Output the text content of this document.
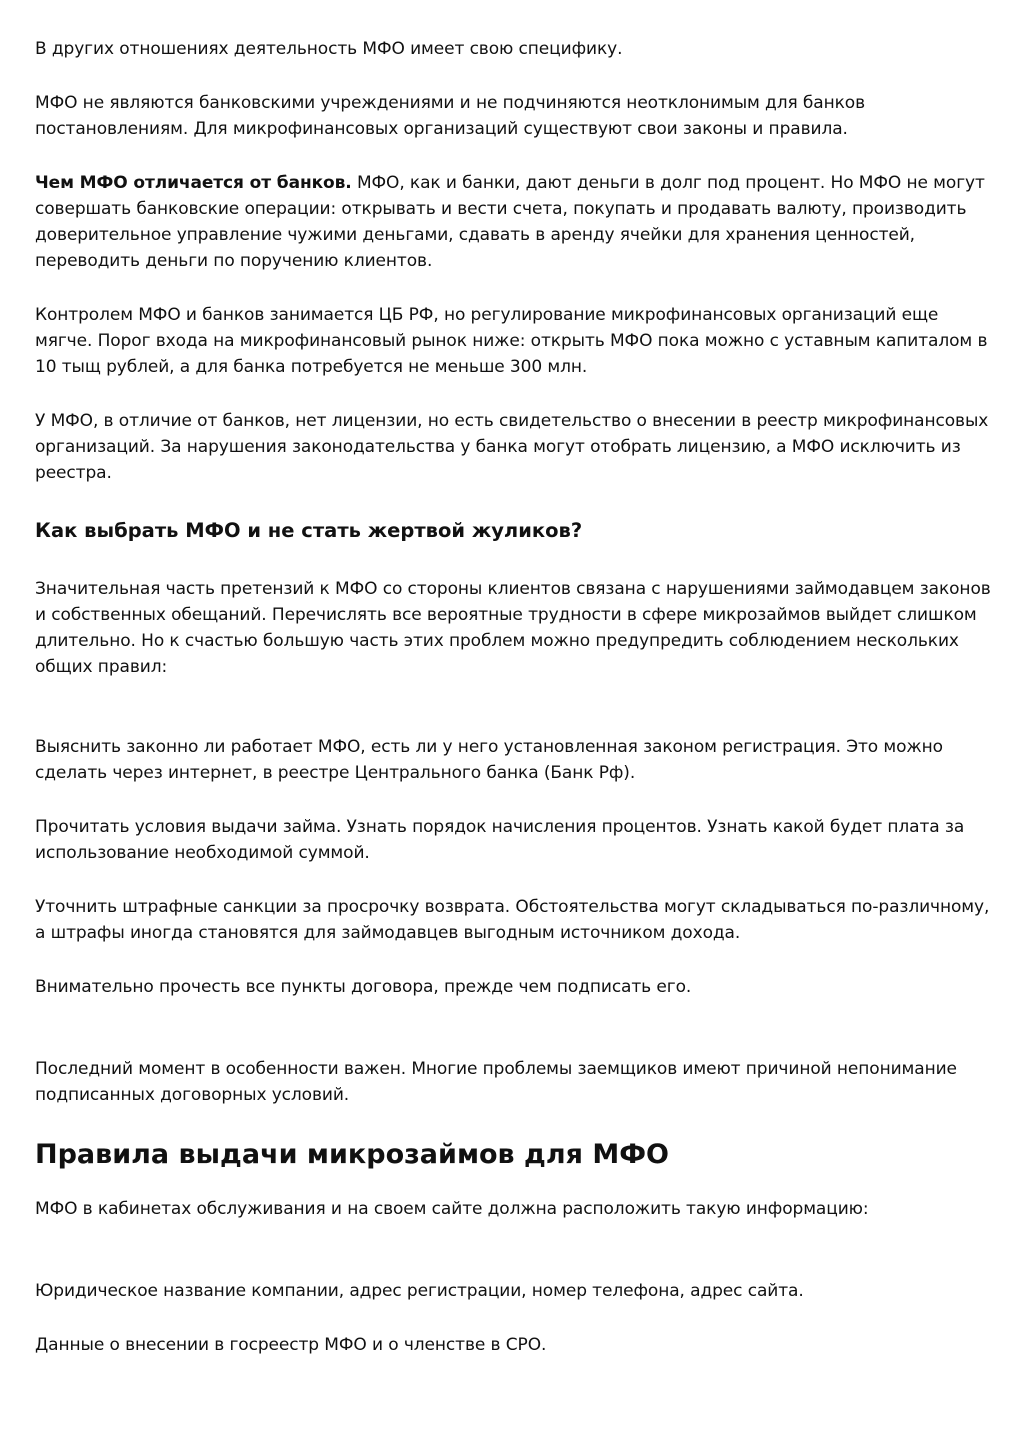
В других отношениях деятельность МФО имеет свою специфику.

МФО не являются банковскими учреждениями и не подчиняются неотклонимым для банков постановлениям. Для микрофинансовых организаций существуют свои законы и правила.

Чем МФО отличается от банков. МФО, как и банки, дают деньги в долг под процент. Но МФО не могут совершать банковские операции: открывать и вести счета, покупать и продавать валюту, производить доверительное управление чужими деньгами, сдавать в аренду ячейки для хранения ценностей, переводить деньги по поручению клиентов.

Контролем МФО и банков занимается ЦБ РФ, но регулирование микрофинансовых организаций еще мягче. Порог входа на микрофинансовый рынок ниже: открыть МФО пока можно с уставным капиталом в 10 тыщ рублей, а для банка потребуется не меньше 300 млн.

У МФО, в отличие от банков, нет лицензии, но есть свидетельство о внесении в реестр микрофинансовых организаций. За нарушения законодательства у банка могут отобрать лицензию, а МФО исключить из реестра.

Как выбрать МФО и не стать жертвой жуликов?

Значительная часть претензий к МФО со стороны клиентов связана с нарушениями займодавцем законов и собственных обещаний. Перечислять все вероятные трудности в сфере микрозаймов выйдет слишком длительно. Но к счастью большую часть этих проблем можно предупредить соблюдением нескольких общих правил:

Выяснить законно ли работает МФО, есть ли у него установленная законом регистрация. Это можно сделать через интернет, в реестре Центрального банка (Банк Рф).

Прочитать условия выдачи займа. Узнать порядок начисления процентов. Узнать какой будет плата за использование необходимой суммой.

Уточнить штрафные санкции за просрочку возврата. Обстоятельства могут складываться по-различному, а штрафы иногда становятся для займодавцев выгодным источником дохода.

Внимательно прочесть все пункты договора, прежде чем подписать его.

Последний момент в особенности важен. Многие проблемы заемщиков имеют причиной непонимание подписанных договорных условий.

Правила выдачи микрозаймов для МФО

МФО в кабинетах обслуживания и на своем сайте должна расположить такую информацию:

Юридическое название компании, адрес регистрации, номер телефона, адрес сайта.

Данные о внесении в госреестр МФО и о членстве в СРО.
